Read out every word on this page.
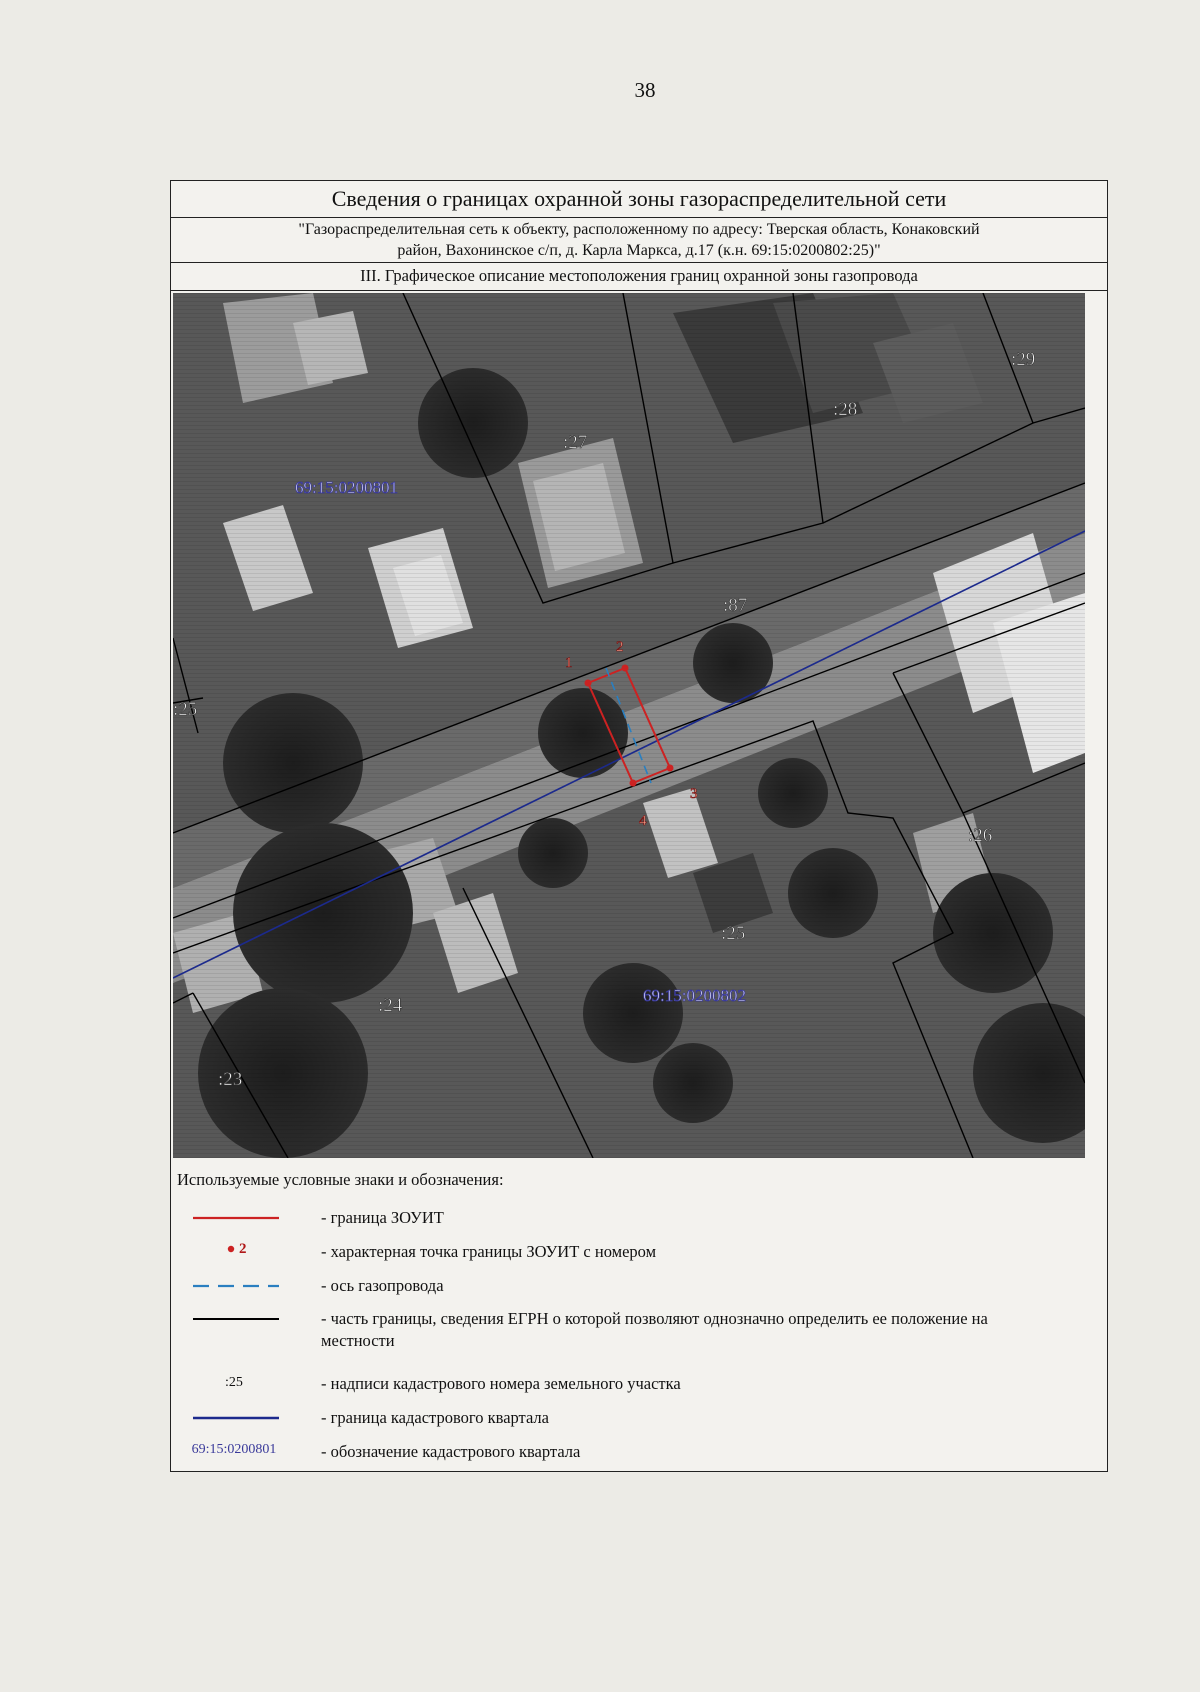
38
Сведения о границах охранной зоны газораспределительной сети
"Газораспределительная сеть к объекту, расположенному по адресу: Тверская область, Конаковский
район, Вахонинское с/п, д. Карла Маркса, д.17 (к.н. 69:15:0200802:25)"
III. Графическое описание местоположения границ охранной зоны газопровода
1
2
3
4
:29
:28
:27
:87
:25
:26
:25
:24
:23
69:15:0200801
69:15:0200802
Используемые условные знаки и обозначения:
- граница ЗОУИТ
2	- характерная точка границы ЗОУИТ с номером
- ось газопровода
- часть границы, сведения ЕГРН о которой позволяют однозначно определить ее положение на местности
:25	- надписи кадастрового номера земельного участка
- граница кадастрового квартала
69:15:0200801	- обозначение кадастрового квартала
